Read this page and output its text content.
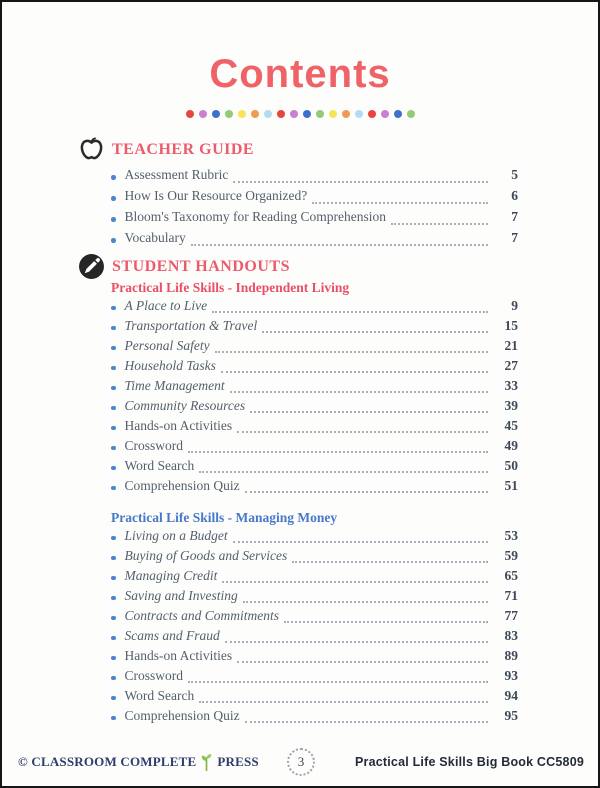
Contents
TEACHER GUIDE
Assessment Rubric	5
How Is Our Resource Organized?	6
Bloom's Taxonomy for Reading Comprehension	7
Vocabulary	7
STUDENT HANDOUTS
Practical Life Skills - Independent Living
A Place to Live	9
Transportation & Travel	15
Personal Safety	21
Household Tasks	27
Time Management	33
Community Resources	39
Hands-on Activities	45
Crossword	49
Word Search	50
Comprehension Quiz	51
Practical Life Skills - Managing Money
Living on a Budget	53
Buying of Goods and Services	59
Managing Credit	65
Saving and Investing	71
Contracts and Commitments	77
Scams and Fraud	83
Hands-on Activities	89
Crossword	93
Word Search	94
Comprehension Quiz	95
© CLASSROOM COMPLETE PRESS	3	Practical Life Skills Big Book CC5809
